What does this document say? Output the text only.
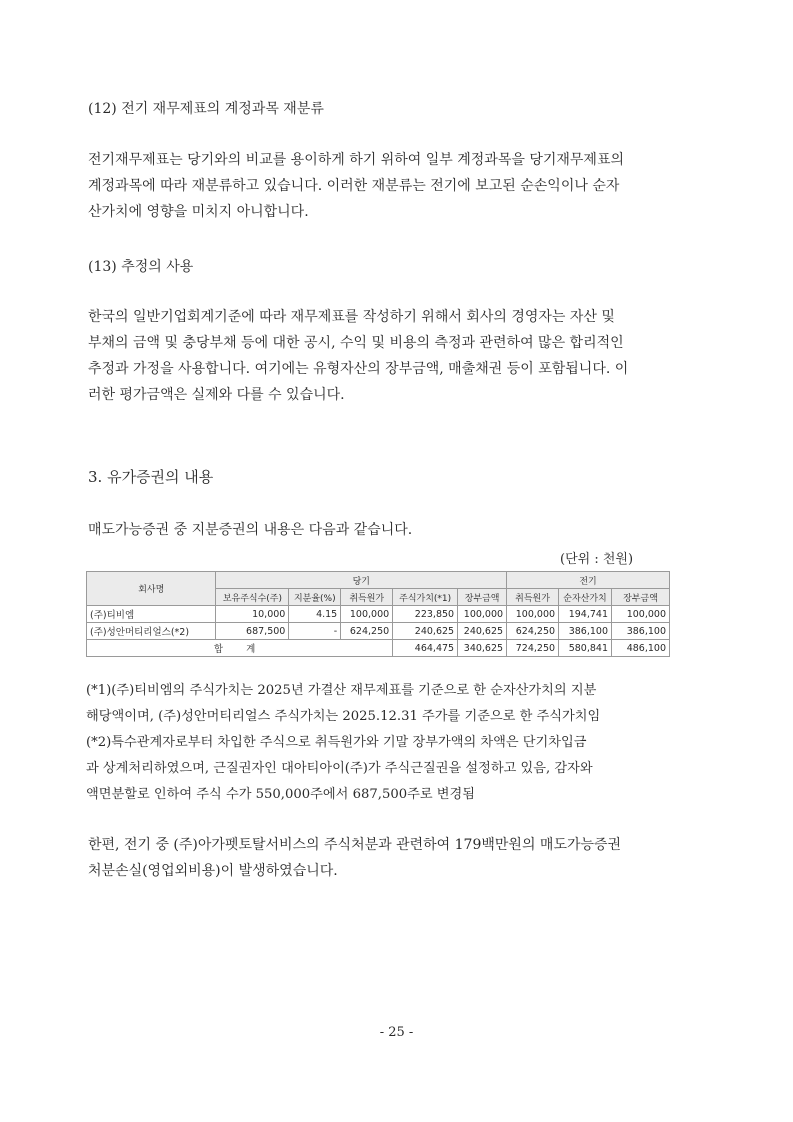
(12) 전기 재무제표의 계정과목 재분류
전기재무제표는 당기와의 비교를 용이하게 하기 위하여 일부 계정과목을 당기재무제표의
계정과목에 따라 재분류하고 있습니다. 이러한 재분류는 전기에 보고된 순손익이나 순자
산가치에 영향을 미치지 아니합니다.
(13) 추정의 사용
한국의 일반기업회계기준에 따라 재무제표를 작성하기 위해서 회사의 경영자는 자산 및
부채의 금액 및 충당부채 등에 대한 공시, 수익 및 비용의 측정과 관련하여 많은 합리적인
추정과 가정을 사용합니다. 여기에는 유형자산의 장부금액, 매출채권 등이 포함됩니다. 이
러한 평가금액은 실제와 다를 수 있습니다.
3. 유가증권의 내용
매도가능증권 중 지분증권의 내용은 다음과 같습니다.
(단위 : 천원)
회사명	당기					전기		
	보유주식수(주)	지분율(%)	취득원가	주식가치(*1)	장부금액	취득원가	순자산가치	장부금액
(주)티비엠	10,000	4.15	100,000	223,850	100,000	100,000	194,741	100,000
(주)성안머티리얼스(*2)	687,500	-	624,250	240,625	240,625	624,250	386,100	386,100
합 계				464,475	340,625	724,250	580,841	486,100
(*1)(주)티비엠의 주식가치는 2025년 가결산 재무제표를 기준으로 한 순자산가치의 지분
해당액이며, (주)성안머티리얼스 주식가치는 2025.12.31 주가를 기준으로 한 주식가치임
(*2)특수관계자로부터 차입한 주식으로 취득원가와 기말 장부가액의 차액은 단기차입금
과 상계처리하였으며, 근질권자인 대아티아이(주)가 주식근질권을 설정하고 있음, 감자와
액면분할로 인하여 주식 수가 550,000주에서 687,500주로 변경됨
한편, 전기 중 (주)아가펫토탈서비스의 주식처분과 관련하여 179백만원의 매도가능증권
처분손실(영업외비용)이 발생하였습니다.
- 25 -
